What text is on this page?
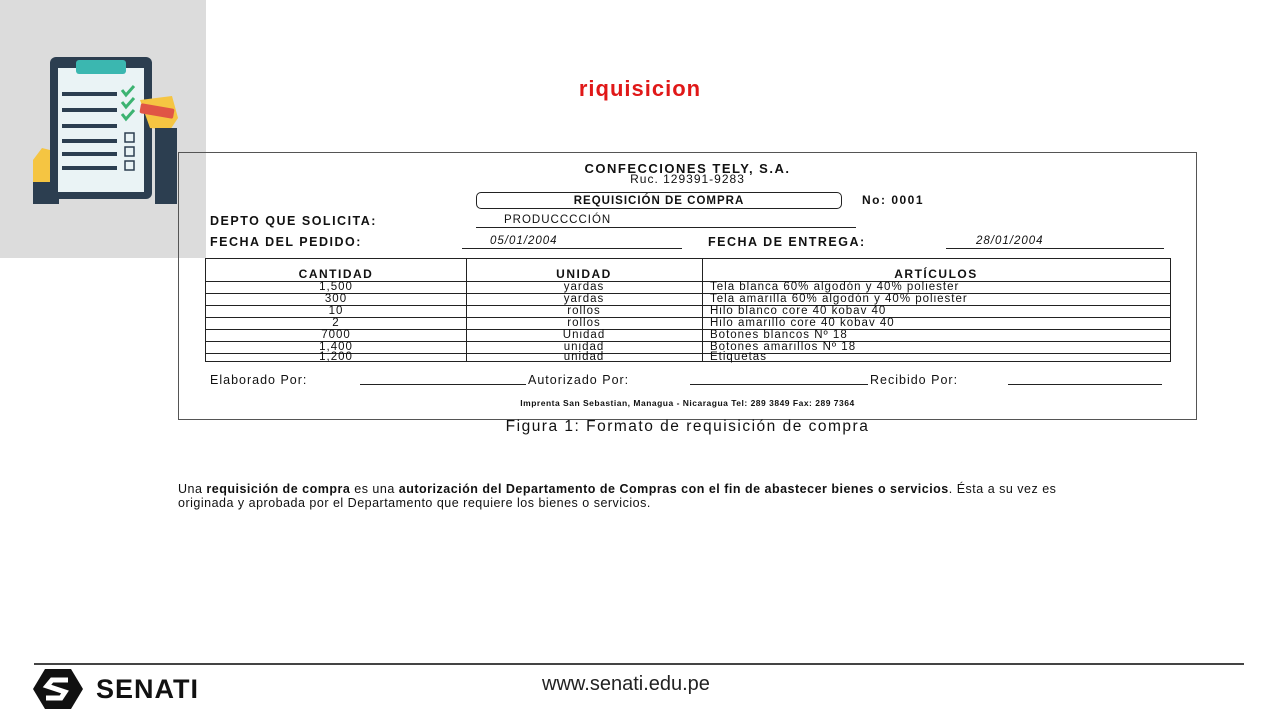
riquisicion
CONFECCIONES TELY, S.A.
Ruc. 129391-9283
REQUISICIÓN DE COMPRA	No: 0001
DEPTO QUE SOLICITA:	PRODUCCCCIÓN
FECHA DEL PEDIDO:	05/01/2004	FECHA DE ENTREGA:	28/01/2004
CANTIDAD	UNIDAD	ARTÍCULOS
1,500	yardas	Tela blanca 60% algodón y 40% poliester
300	yardas	Tela amarilla 60% algodón y 40% poliester
10	rollos	Hilo blanco core 40 kobav 40
2	rollos	Hilo amarillo core 40 kobav 40
7000	Unidad	Botones blancos Nº 18
1,400	unidad	Botones amarillos Nº 18
1,200	unidad	Etiquetas
Elaborado Por:	Autorizado Por:	Recibido Por:
Imprenta San Sebastian, Managua - Nicaragua Tel: 289 3849 Fax: 289 7364
Figura 1: Formato de requisición de compra
Una requisición de compra es una autorización del Departamento de Compras con el fin de abastecer bienes o servicios. Ésta a su vez es originada y aprobada por el Departamento que requiere los bienes o servicios.
SENATI	www.senati.edu.pe
